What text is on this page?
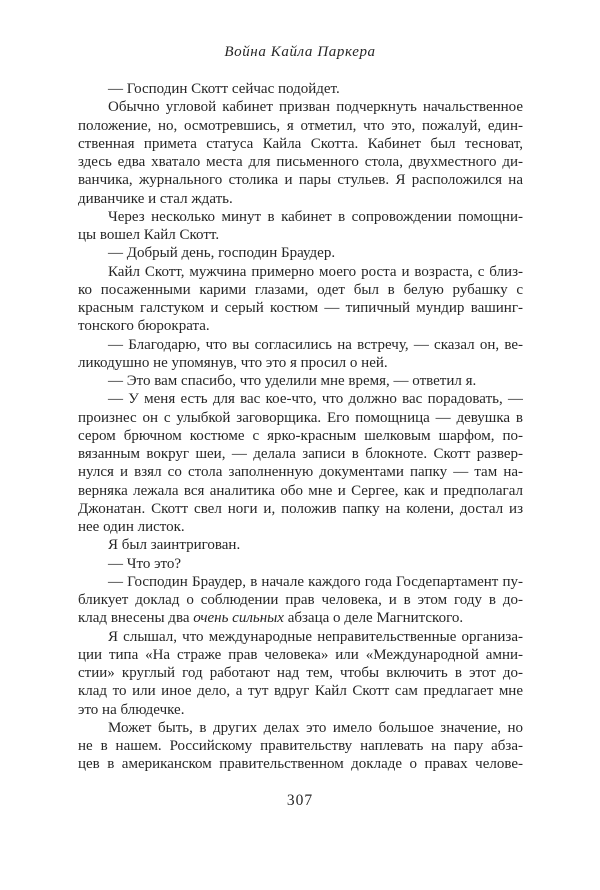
Война Кайла Паркера
— Господин Скотт сейчас подойдет.
Обычно угловой кабинет призван подчеркнуть начальственное
положение, но, осмотревшись, я отметил, что это, пожалуй, един-
ственная примета статуса Кайла Скотта. Кабинет был тесноват,
здесь едва хватало места для письменного стола, двухместного ди-
ванчика, журнального столика и пары стульев. Я расположился на
диванчике и стал ждать.
Через несколько минут в кабинет в сопровождении помощни-
цы вошел Кайл Скотт.
— Добрый день, господин Браудер.
Кайл Скотт, мужчина примерно моего роста и возраста, с близ-
ко посаженными карими глазами, одет был в белую рубашку с
красным галстуком и серый костюм — типичный мундир вашинг-
тонского бюрократа.
— Благодарю, что вы согласились на встречу, — сказал он, ве-
ликодушно не упомянув, что это я просил о ней.
— Это вам спасибо, что уделили мне время, — ответил я.
— У меня есть для вас кое-что, что должно вас порадовать, —
произнес он с улыбкой заговорщика. Его помощница — девушка в
сером брючном костюме с ярко-красным шелковым шарфом, по-
вязанным вокруг шеи, — делала записи в блокноте. Скотт развер-
нулся и взял со стола заполненную документами папку — там на-
верняка лежала вся аналитика обо мне и Сергее, как и предполагал
Джонатан. Скотт свел ноги и, положив папку на колени, достал из
нее один листок.
Я был заинтригован.
— Что это?
— Господин Браудер, в начале каждого года Госдепартамент пу-
бликует доклад о соблюдении прав человека, и в этом году в до-
клад внесены два очень сильных абзаца о деле Магнитского.
Я слышал, что международные неправительственные организа-
ции типа «На страже прав человека» или «Международной амни-
стии» круглый год работают над тем, чтобы включить в этот до-
клад то или иное дело, а тут вдруг Кайл Скотт сам предлагает мне
это на блюдечке.
Может быть, в других делах это имело большое значение, но
не в нашем. Российскому правительству наплевать на пару абза-
цев в американском правительственном докладе о правах челове-
307
